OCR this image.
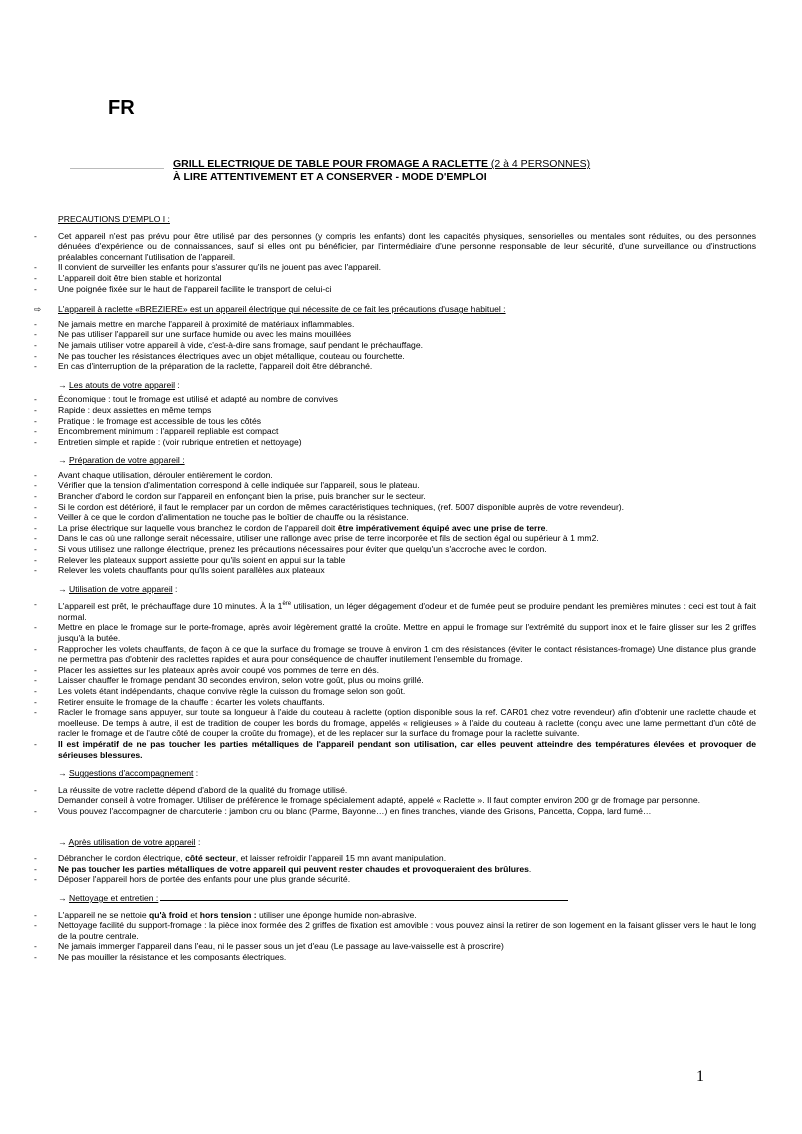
FR
GRILL ELECTRIQUE DE TABLE POUR FROMAGE A RACLETTE (2 à 4 PERSONNES)
À LIRE ATTENTIVEMENT ET A CONSERVER - MODE D'EMPLOI
PRECAUTIONS D'EMPLO I :
-	Cet appareil n'est pas prévu pour être utilisé par des personnes (y compris les enfants) dont les capacités physiques, sensorielles ou mentales sont réduites, ou des personnes dénuées d'expérience ou de connaissances, sauf si elles ont pu bénéficier, par l'intermédiaire d'une personne responsable de leur sécurité, d'une surveillance ou d'instructions préalables concernant l'utilisation de l'appareil.
-	Il convient de surveiller les enfants pour s'assurer qu'ils ne jouent pas avec l'appareil.
-	L'appareil doit être bien stable et horizontal
-	Une poignée fixée sur le haut de l'appareil facilite le transport de celui-ci
⇨	L'appareil à raclette «BREZIERE» est un appareil électrique qui nécessite de ce fait les précautions d'usage habituel :
-	Ne jamais mettre en marche l'appareil à proximité de matériaux inflammables.
-	Ne pas utiliser l'appareil sur une surface humide ou avec les mains mouillées
-	Ne jamais utiliser votre appareil à vide, c'est-à-dire sans fromage, sauf pendant le préchauffage.
-	Ne pas toucher les résistances électriques avec un objet métallique, couteau ou fourchette.
-	En cas d'interruption de la préparation de la raclette, l'appareil doit être débranché.
→ Les atouts de votre appareil :
-	Économique : tout le fromage est utilisé et adapté au nombre de convives
-	Rapide : deux assiettes en même temps
-	Pratique : le fromage est accessible de tous les côtés
-	Encombrement minimum : l'appareil repliable est compact
-	Entretien simple et rapide : (voir rubrique entretien et nettoyage)
→ Préparation de votre appareil :
-	Avant chaque utilisation, dérouler entièrement le cordon.
-	Vérifier que la tension d'alimentation correspond à celle indiquée sur l'appareil, sous le plateau.
-	Brancher d'abord le cordon sur l'appareil en enfonçant bien la prise, puis brancher sur le secteur.
-	Si le cordon est détérioré, il faut le remplacer par un cordon de mêmes caractéristiques techniques, (ref. 5007 disponible auprès de votre revendeur).
-	Veiller à ce que le cordon d'alimentation ne touche pas le boîtier de chauffe ou la résistance.
-	La prise électrique sur laquelle vous branchez le cordon de l'appareil doit être impérativement équipé avec une prise de terre.
-	Dans le cas où une rallonge serait nécessaire, utiliser une rallonge avec prise de terre incorporée et fils de section égal ou supérieur à 1 mm2.
-	Si vous utilisez une rallonge électrique, prenez les précautions nécessaires pour éviter que quelqu'un s'accroche avec le cordon.
-	Relever les plateaux support assiette pour qu'ils soient en appui sur la table
-	Relever les volets chauffants pour qu'ils soient parallèles aux plateaux
→ Utilisation de votre appareil :
-	L'appareil est prêt, le préchauffage dure 10 minutes. À la 1ère utilisation, un léger dégagement d'odeur et de fumée peut se produire pendant les premières minutes : ceci est tout à fait normal.
-	Mettre en place le fromage sur le porte-fromage, après avoir légèrement gratté la croûte. Mettre en appui le fromage sur l'extrémité du support inox et le faire glisser sur les 2 griffes jusqu'à la butée.
-	Rapprocher les volets chauffants, de façon à ce que la surface du fromage se trouve à environ 1 cm des résistances (éviter le contact résistances-fromage) Une distance plus grande ne permettra pas d'obtenir des raclettes rapides et aura pour conséquence de chauffer inutilement l'ensemble du fromage.
-	Placer les assiettes sur les plateaux après avoir coupé vos pommes de terre en dés.
-	Laisser chauffer le fromage pendant 30 secondes environ, selon votre goût, plus ou moins grillé.
-	Les volets étant indépendants, chaque convive règle la cuisson du fromage selon son goût.
-	Retirer ensuite le fromage de la chauffe : écarter les volets chauffants.
-	Racler le fromage sans appuyer, sur toute sa longueur à l'aide du couteau à raclette (option disponible sous la ref. CAR01 chez votre revendeur) afin d'obtenir une raclette chaude et moelleuse. De temps à autre, il est de tradition de couper les bords du fromage, appelés « religieuses » à l'aide du couteau à raclette (conçu avec une lame permettant d'un côté de racler le fromage et de l'autre côté de couper la croûte du fromage), et de les replacer sur la surface du fromage pour la raclette suivante.
-	Il est impératif de ne pas toucher les parties métalliques de l'appareil pendant son utilisation, car elles peuvent atteindre des températures élevées et provoquer de sérieuses blessures.
→ Suggestions d'accompagnement :
-	La réussite de votre raclette dépend d'abord de la qualité du fromage utilisé.
Demander conseil à votre fromager. Utiliser de préférence le fromage spécialement adapté, appelé « Raclette ». Il faut compter environ 200 gr de fromage par personne.
-	Vous pouvez l'accompagner de charcuterie : jambon cru ou blanc (Parme, Bayonne…) en fines tranches, viande des Grisons, Pancetta, Coppa, lard fumé…
→ Après utilisation de votre appareil :
-	Débrancher le cordon électrique, côté secteur, et laisser refroidir l'appareil 15 mn avant manipulation.
-	Ne pas toucher les parties métalliques de votre appareil qui peuvent rester chaudes et provoqueraient des brûlures.
-	Déposer l'appareil hors de portée des enfants pour une plus grande sécurité.
→ Nettoyage et entretien :
-	L'appareil ne se nettoie qu'à froid et hors tension : utiliser une éponge humide non-abrasive.
-	Nettoyage facilité du support-fromage : la pièce inox formée des 2 griffes de fixation est amovible : vous pouvez ainsi la retirer de son logement en la faisant glisser vers le haut le long de la poutre centrale.
-	Ne jamais immerger l'appareil dans l'eau, ni le passer sous un jet d'eau (Le passage au lave-vaisselle est à proscrire)
-	Ne pas mouiller la résistance et les composants électriques.
1
